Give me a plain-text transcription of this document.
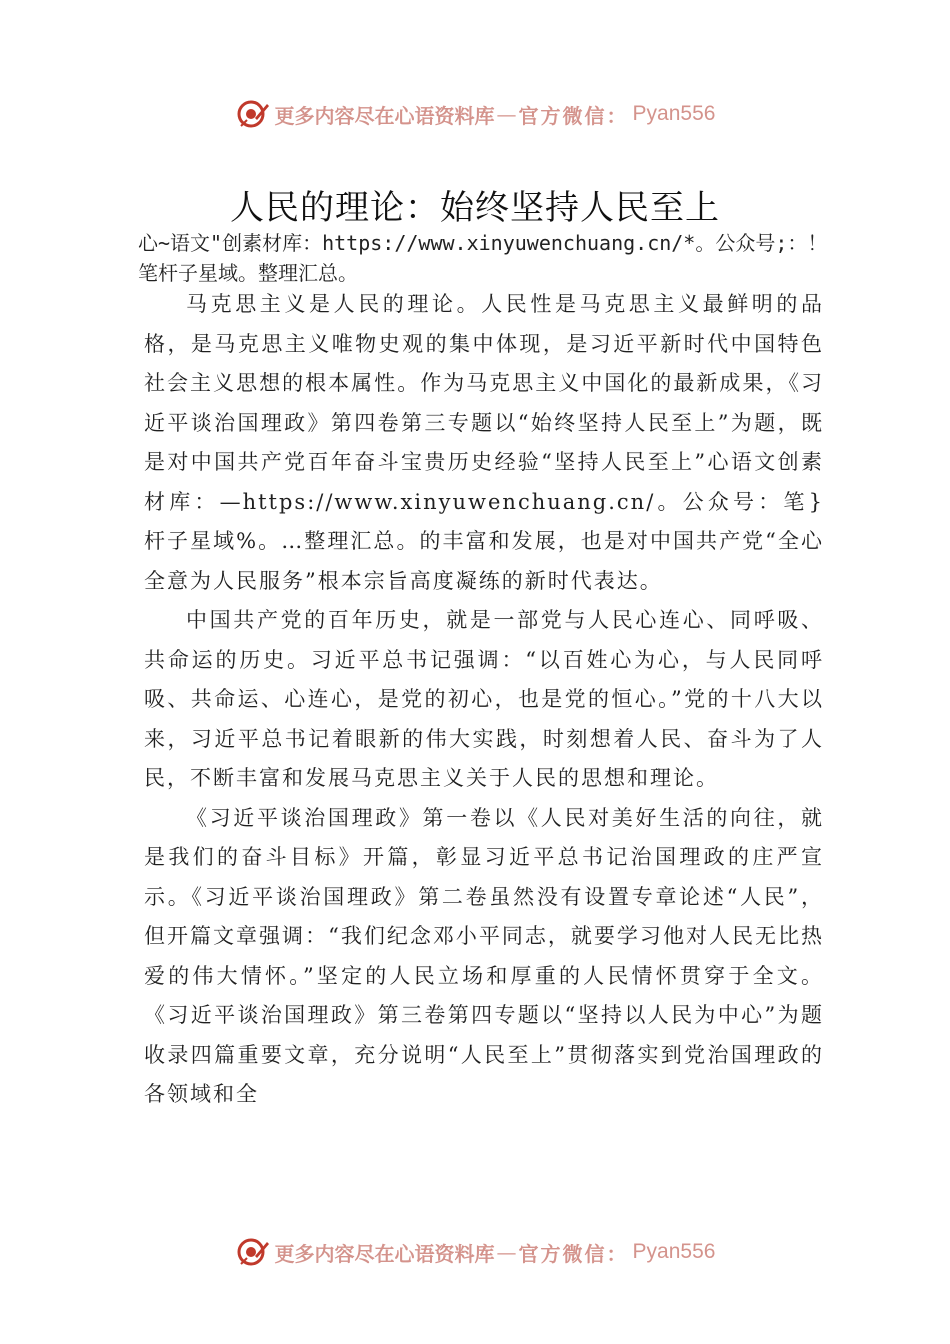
更多内容尽在心语资料库 — 官方微信： Pyan556
人民的理论：始终坚持人民至上
心~语文"创素材库：https://www.xinyuwenchuang.cn/*。公众号;：！笔杆子星域。整理汇总。

马克思主义是人民的理论。人民性是马克思主义最鲜明的品格，是马克思主义唯物史观的集中体现，是习近平新时代中国特色社会主义思想的根本属性。作为马克思主义中国化的最新成果，《习近平谈治国理政》第四卷第三专题以“始终坚持人民至上”为题，既是对中国共产党百年奋斗宝贵历史经验“坚持人民至上”心语文创素材库：—https://www.xinyuwenchuang.cn/。公众号：笔}杆子星域%。…整理汇总。的丰富和发展，也是对中国共产党“全心全意为人民服务”根本宗旨高度凝练的新时代表达。

中国共产党的百年历史，就是一部党与人民心连心、同呼吸、共命运的历史。习近平总书记强调：“以百姓心为心，与人民同呼吸、共命运、心连心，是党的初心，也是党的恒心。”党的十八大以来，习近平总书记着眼新的伟大实践，时刻想着人民、奋斗为了人民，不断丰富和发展马克思主义关于人民的思想和理论。

《习近平谈治国理政》第一卷以《人民对美好生活的向往，就是我们的奋斗目标》开篇，彰显习近平总书记治国理政的庄严宣示。《习近平谈治国理政》第二卷虽然没有设置专章论述“人民”，但开篇文章强调：“我们纪念邓小平同志，就要学习他对人民无比热爱的伟大情怀。”坚定的人民立场和厚重的人民情怀贯穿于全文。《习近平谈治国理政》第三卷第四专题以“坚持以人民为中心”为题收录四篇重要文章，充分说明“人民至上”贯彻落实到党治国理政的各领域和全

更多内容尽在心语资料库 — 官方微信： Pyan556
